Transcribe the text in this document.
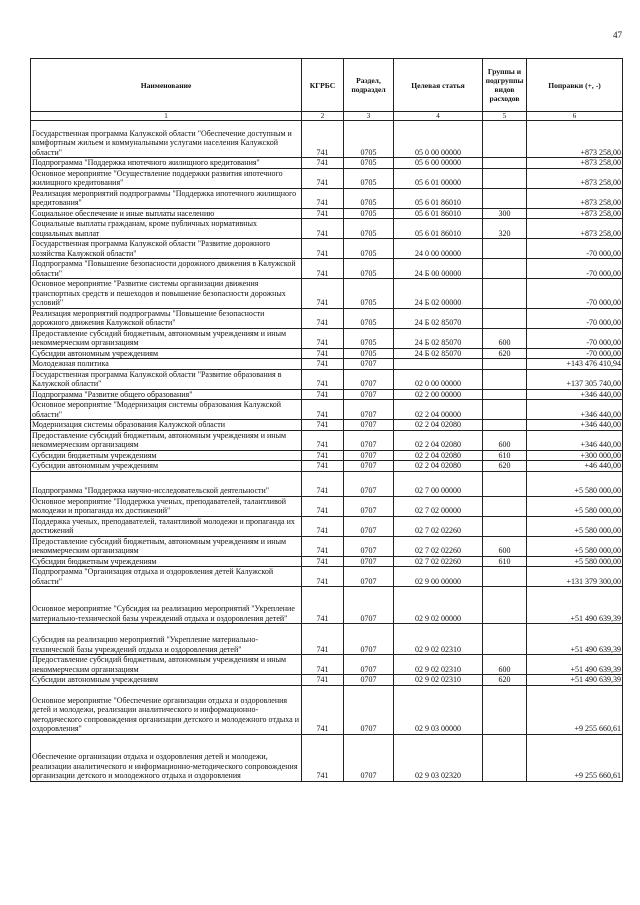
47
Наименование	КГРБС	Раздел, подраздел	Целевая статья	Группы и подгруппы видов расходов	Поправки (+, -)
1	2	3	4	5	6
Государственная программа Калужской области "Обеспечение доступным и комфортным жильем и коммунальными услугами населения Калужской области"	741	0705	05 0 00 00000		+873 258,00
Подпрограмма "Поддержка ипотечного жилищного кредитования"	741	0705	05 6 00 00000		+873 258,00
Основное мероприятие "Осуществление поддержки развития ипотечного жилищного кредитования"	741	0705	05 6 01 00000		+873 258,00
Реализация мероприятий подпрограммы "Поддержка ипотечного жилищного кредитования"	741	0705	05 6 01 86010		+873 258,00
Социальное обеспечение и иные выплаты населению	741	0705	05 6 01 86010	300	+873 258,00
Социальные выплаты гражданам, кроме публичных нормативных социальных выплат	741	0705	05 6 01 86010	320	+873 258,00
Государственная программа Калужской области "Развитие дорожного хозяйства Калужской области"	741	0705	24 0 00 00000		-70 000,00
Подпрограмма "Повышение безопасности дорожного движения в Калужской области"	741	0705	24 Б 00 00000		-70 000,00
Основное мероприятие "Развитие системы организации движения транспортных средств и пешеходов и повышение безопасности дорожных условий"	741	0705	24 Б 02 00000		-70 000,00
Реализация мероприятий подпрограммы "Повышение безопасности дорожного движения Калужской области"	741	0705	24 Б 02 85070		-70 000,00
Предоставление субсидий бюджетным, автономным учреждениям и иным некоммерческим организациям	741	0705	24 Б 02 85070	600	-70 000,00
Субсидии автономным учреждениям	741	0705	24 Б 02 85070	620	-70 000,00
Молодежная политика	741	0707			+143 476 410,94
Государственная программа Калужской области "Развитие образования в Калужской области"	741	0707	02 0 00 00000		+137 305 740,00
Подпрограмма "Развитие общего образования"	741	0707	02 2 00 00000		+346 440,00
Основное мероприятие "Модернизация системы образования Калужской области"	741	0707	02 2 04 00000		+346 440,00
Модернизация системы образования Калужской области	741	0707	02 2 04 02080		+346 440,00
Предоставление субсидий бюджетным, автономным учреждениям и иным некоммерческим организациям	741	0707	02 2 04 02080	600	+346 440,00
Субсидии бюджетным учреждениям	741	0707	02 2 04 02080	610	+300 000,00
Субсидии автономным учреждениям	741	0707	02 2 04 02080	620	+46 440,00
Подпрограмма "Поддержка научно-исследовательской деятельности"	741	0707	02 7 00 00000		+5 580 000,00
Основное мероприятие "Поддержка ученых, преподавателей, талантливой молодежи и пропаганда их достижений"	741	0707	02 7 02 00000		+5 580 000,00
Поддержка ученых, преподавателей, талантливой молодежи и пропаганда их достижений	741	0707	02 7 02 02260		+5 580 000,00
Предоставление субсидий бюджетным, автономным учреждениям и иным некоммерческим организациям	741	0707	02 7 02 02260	600	+5 580 000,00
Субсидии бюджетным учреждениям	741	0707	02 7 02 02260	610	+5 580 000,00
Подпрограмма "Организация отдыха и оздоровления детей Калужской области"	741	0707	02 9 00 00000		+131 379 300,00
Основное мероприятие "Субсидия на реализацию мероприятий "Укрепление материально-технической базы учреждений отдыха и оздоровления детей"	741	0707	02 9 02 00000		+51 490 639,39
Субсидия на реализацию мероприятий "Укрепление материально-технической базы учреждений отдыха и оздоровления детей"	741	0707	02 9 02 02310		+51 490 639,39
Предоставление субсидий бюджетным, автономным учреждениям и иным некоммерческим организациям	741	0707	02 9 02 02310	600	+51 490 639,39
Субсидии автономным учреждениям	741	0707	02 9 02 02310	620	+51 490 639,39
Основное мероприятие "Обеспечение организации отдыха и оздоровления детей и молодежи, реализации аналитического и информационно-методического сопровождения организации детского и молодежного отдыха и оздоровления"	741	0707	02 9 03 00000		+9 255 660,61
Обеспечение организации отдыха и оздоровления детей и молодежи, реализации аналитического и информационно-методического сопровождения организации детского и молодежного отдыха и оздоровления	741	0707	02 9 03 02320		+9 255 660,61
